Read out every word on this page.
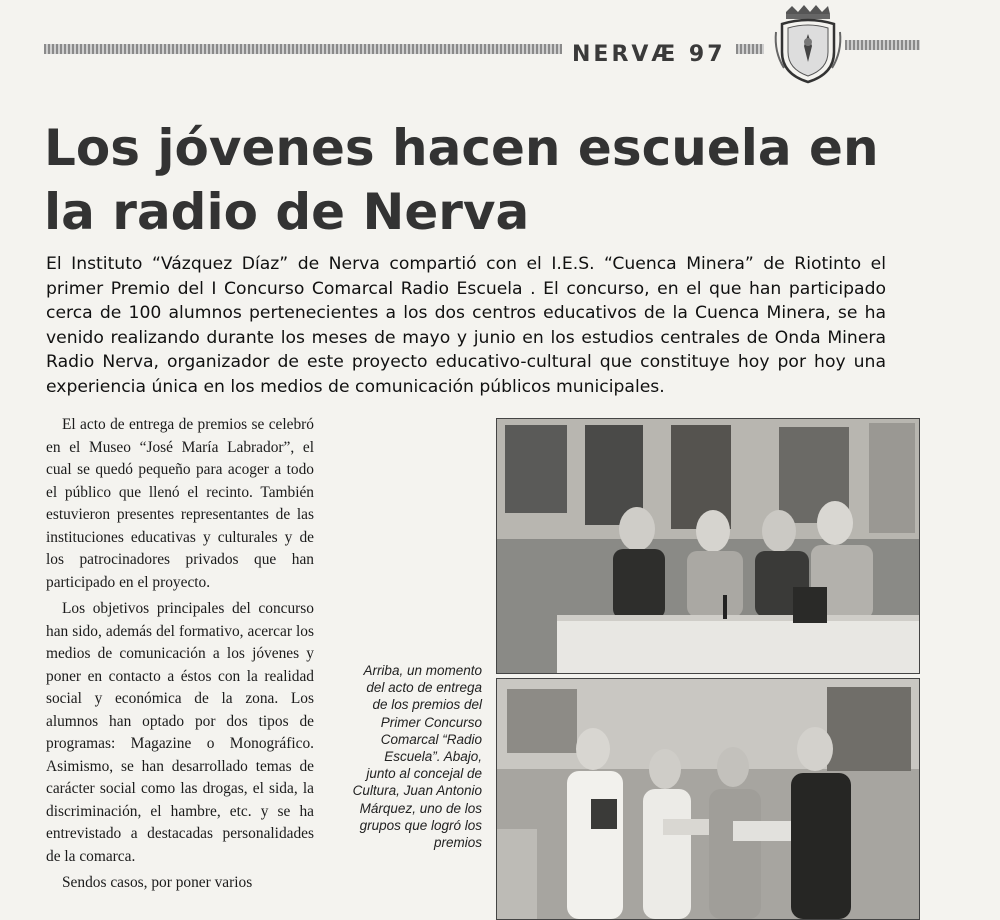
NERVÆ 97
Los jóvenes hacen escuela en la radio de Nerva

El Instituto “Vázquez Díaz” de Nerva compartió con el I.E.S. “Cuenca Minera” de Riotinto el primer Premio del I Concurso Comarcal Radio Escuela . El concurso, en el que han participado cerca de 100 alumnos pertenecientes a los dos centros educativos de la Cuenca Minera, se ha venido realizando durante los meses de mayo y junio en los estudios centrales de Onda Minera Radio Nerva, organizador de este proyecto educativo-cultural que constituye hoy por hoy una experiencia única en los medios de comunicación públicos municipales.

El acto de entrega de premios se celebró en el Museo “José María Labrador”, el cual se quedó pequeño para acoger a todo el público que llenó el recinto. También estuvieron presentes representantes de las instituciones educativas y culturales y de los patrocinadores privados que han participado en el proyecto.

Los objetivos principales del concurso han sido, además del formativo, acercar los medios de comunicación a los jóvenes y poner en contacto a éstos con la realidad social y económica de la zona. Los alumnos han optado por dos tipos de programas: Magazine o Monográfico. Asimismo, se han desarrollado temas de carácter social como las drogas, el sida, la discriminación, el hambre, etc. y se ha entrevistado a destacadas personalidades de la comarca.

Sendos casos, por poner varios

Arriba, un momento del acto de entrega de los premios del Primer Concurso Comarcal “Radio Escuela”. Abajo, junto al concejal de Cultura, Juan Antonio Márquez, uno de los grupos que logró los premios
